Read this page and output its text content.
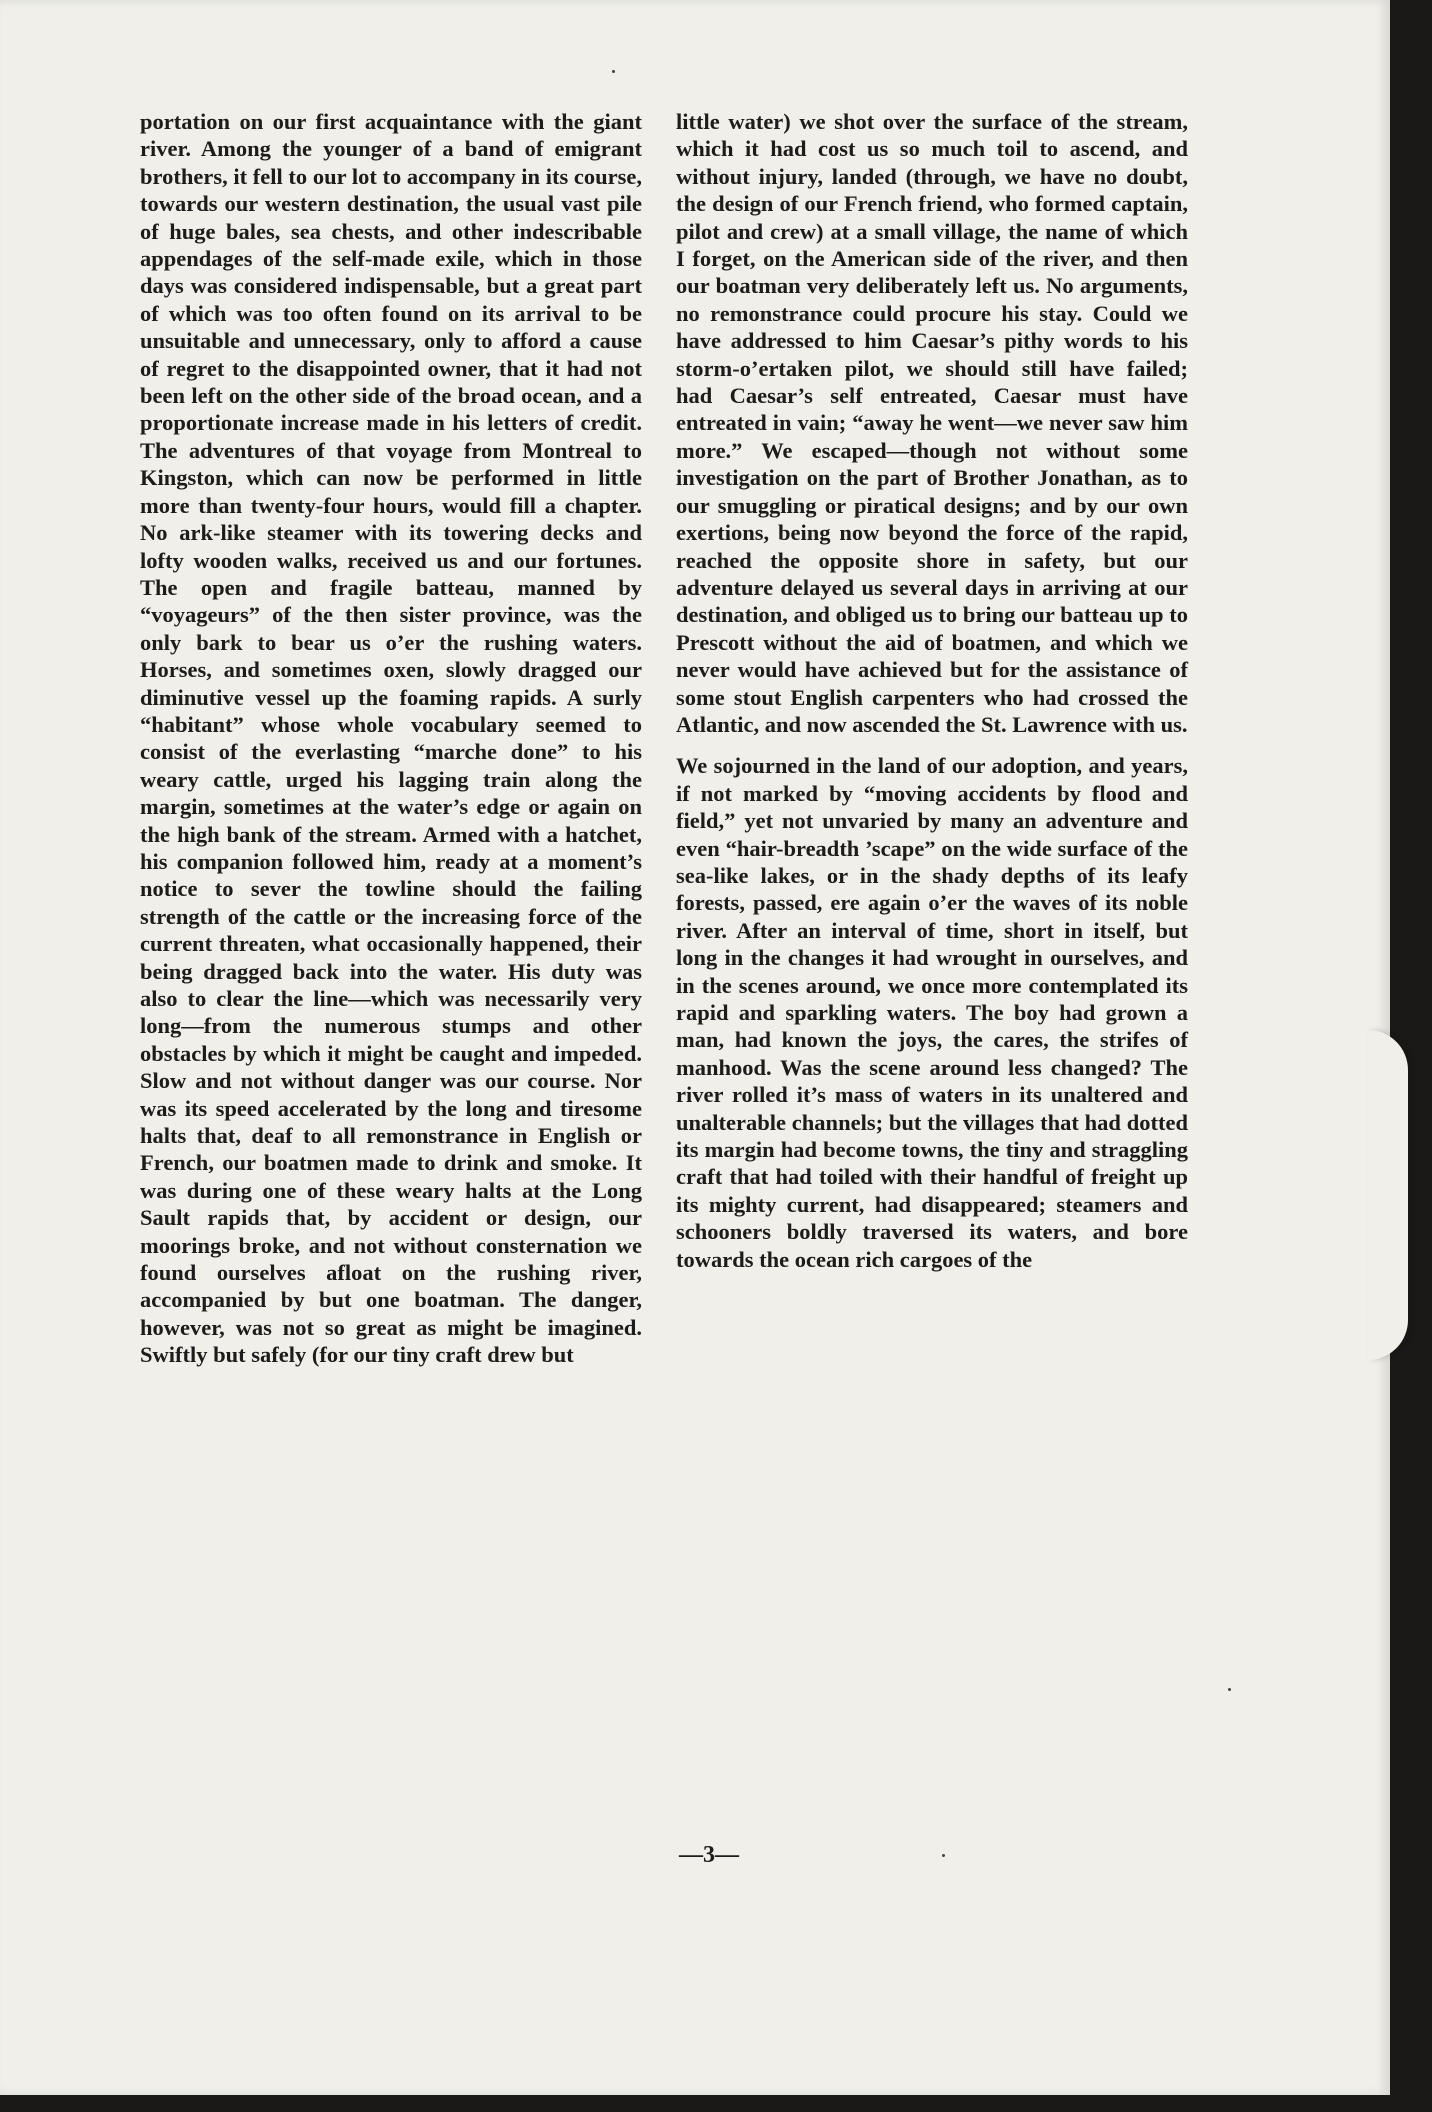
portation on our first acquaintance with the giant river. Among the younger of a band of emigrant brothers, it fell to our lot to accompany in its course, towards our western destination, the usual vast pile of huge bales, sea chests, and other indescribable appendages of the self-made exile, which in those days was considered indispensable, but a great part of which was too often found on its arrival to be unsuitable and unnecessary, only to afford a cause of regret to the disappointed owner, that it had not been left on the other side of the broad ocean, and a proportionate increase made in his letters of credit. The adventures of that voyage from Montreal to Kingston, which can now be performed in little more than twenty-four hours, would fill a chapter. No ark-like steamer with its towering decks and lofty wooden walks, received us and our fortunes. The open and fragile batteau, manned by “voyageurs” of the then sister province, was the only bark to bear us o’er the rushing waters. Horses, and sometimes oxen, slowly dragged our diminutive vessel up the foaming rapids. A surly “habitant” whose whole vocabulary seemed to consist of the everlasting “marche done” to his weary cattle, urged his lagging train along the margin, sometimes at the water’s edge or again on the high bank of the stream. Armed with a hatchet, his companion followed him, ready at a moment’s notice to sever the towline should the failing strength of the cattle or the increasing force of the current threaten, what occasionally happened, their being dragged back into the water. His duty was also to clear the line—which was necessarily very long—from the numerous stumps and other obstacles by which it might be caught and impeded. Slow and not without danger was our course. Nor was its speed accelerated by the long and tiresome halts that, deaf to all remonstrance in English or French, our boatmen made to drink and smoke. It was during one of these weary halts at the Long Sault rapids that, by accident or design, our moorings broke, and not without consternation we found ourselves afloat on the rushing river, accompanied by but one boatman. The danger, however, was not so great as might be imagined. Swiftly but safely (for our tiny craft drew but

little water) we shot over the surface of the stream, which it had cost us so much toil to ascend, and without injury, landed (through, we have no doubt, the design of our French friend, who formed captain, pilot and crew) at a small village, the name of which I forget, on the American side of the river, and then our boatman very deliberately left us. No arguments, no remonstrance could procure his stay. Could we have addressed to him Caesar’s pithy words to his storm-o’ertaken pilot, we should still have failed; had Caesar’s self entreated, Caesar must have entreated in vain; “away he went—we never saw him more.” We escaped—though not without some investigation on the part of Brother Jonathan, as to our smuggling or piratical designs; and by our own exertions, being now beyond the force of the rapid, reached the opposite shore in safety, but our adventure delayed us several days in arriving at our destination, and obliged us to bring our batteau up to Prescott without the aid of boatmen, and which we never would have achieved but for the assistance of some stout English carpenters who had crossed the Atlantic, and now ascended the St. Lawrence with us.

We sojourned in the land of our adoption, and years, if not marked by “moving accidents by flood and field,” yet not unvaried by many an adventure and even “hair-breadth ’scape” on the wide surface of the sea-like lakes, or in the shady depths of its leafy forests, passed, ere again o’er the waves of its noble river. After an interval of time, short in itself, but long in the changes it had wrought in ourselves, and in the scenes around, we once more contemplated its rapid and sparkling waters. The boy had grown a man, had known the joys, the cares, the strifes of manhood. Was the scene around less changed? The river rolled it’s mass of waters in its unaltered and unalterable channels; but the villages that had dotted its margin had become towns, the tiny and straggling craft that had toiled with their handful of freight up its mighty current, had disappeared; steamers and schooners boldly traversed its waters, and bore towards the ocean rich cargoes of the

—3—
